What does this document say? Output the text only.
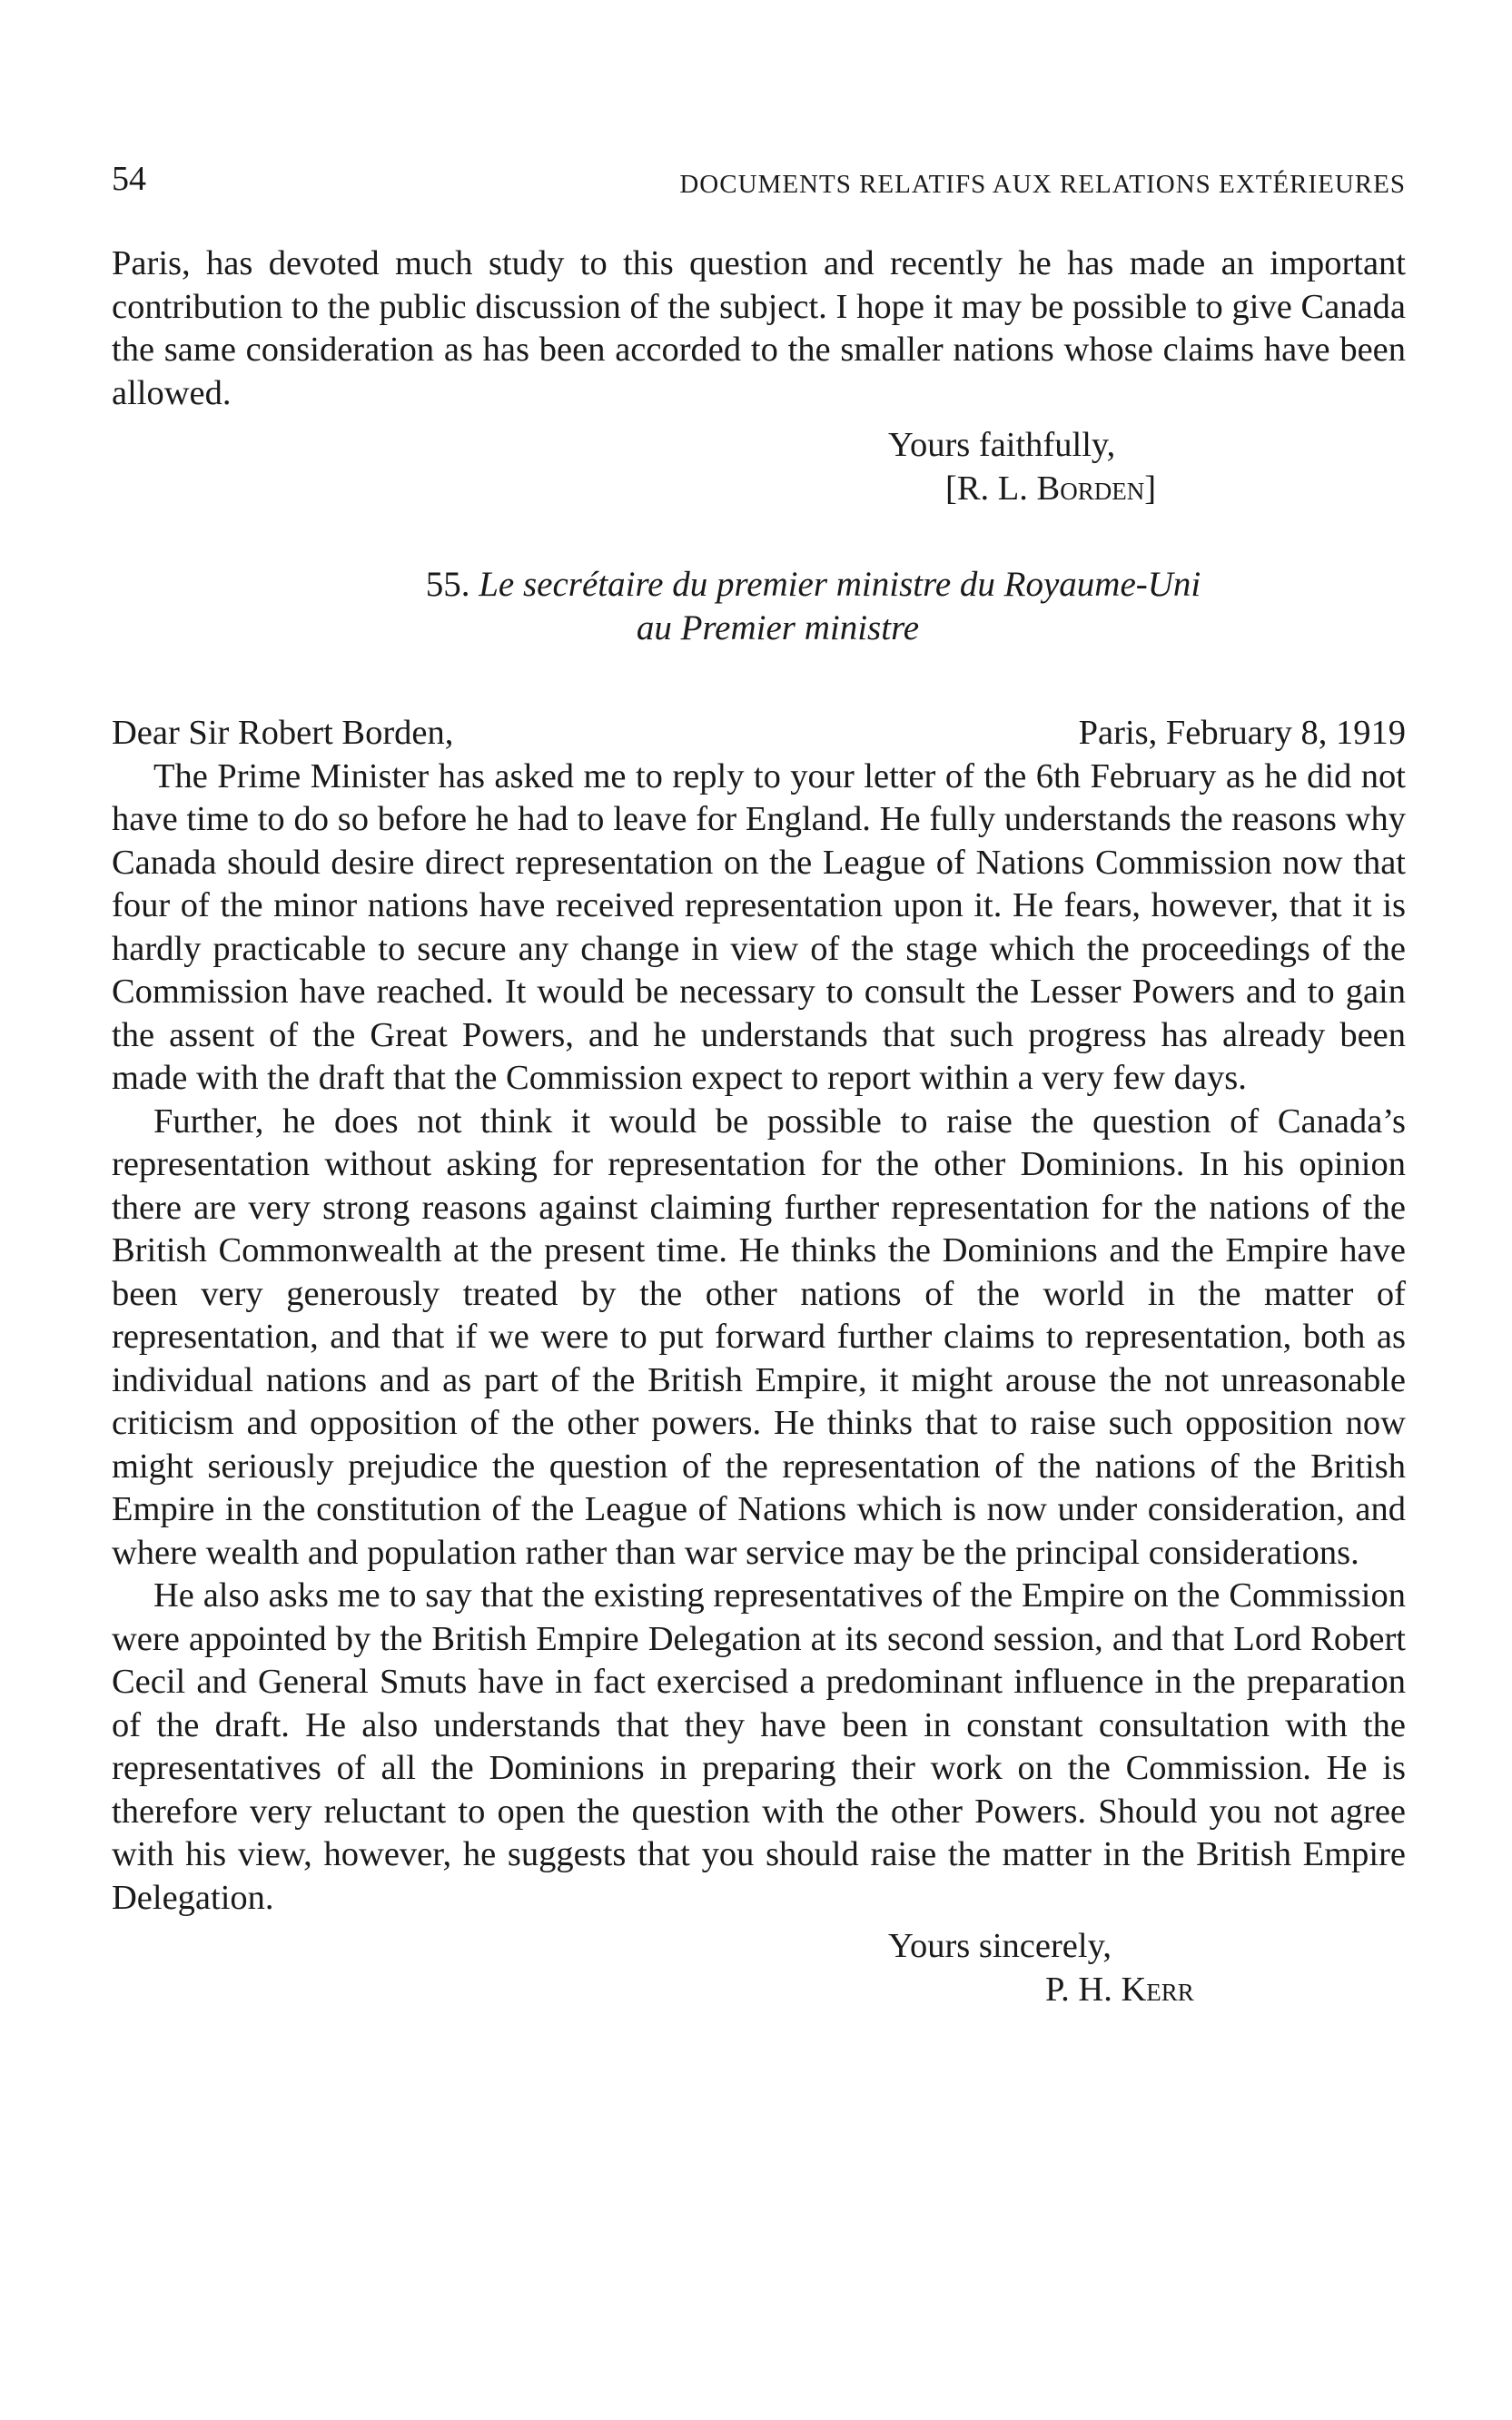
54	DOCUMENTS RELATIFS AUX RELATIONS EXTÉRIEURES

Paris, has devoted much study to this question and recently he has made an important contribution to the public discussion of the subject. I hope it may be possible to give Canada the same consideration as has been accorded to the smaller nations whose claims have been allowed.

Yours faithfully,
[R. L. Borden]
55. Le secrétaire du premier ministre du Royaume-Uni
au Premier ministre
Dear Sir Robert Borden,	Paris, February 8, 1919

The Prime Minister has asked me to reply to your letter of the 6th February as he did not have time to do so before he had to leave for England. He fully understands the reasons why Canada should desire direct representation on the League of Nations Commission now that four of the minor nations have received representation upon it. He fears, however, that it is hardly practicable to secure any change in view of the stage which the proceedings of the Commission have reached. It would be necessary to consult the Lesser Powers and to gain the assent of the Great Powers, and he understands that such progress has already been made with the draft that the Commission expect to report within a very few days.

Further, he does not think it would be possible to raise the question of Canada’s representation without asking for representation for the other Dominions. In his opinion there are very strong reasons against claiming further representation for the nations of the British Commonwealth at the present time. He thinks the Dominions and the Empire have been very generously treated by the other nations of the world in the matter of representation, and that if we were to put forward further claims to representation, both as individual nations and as part of the British Empire, it might arouse the not unreasonable criticism and opposition of the other powers. He thinks that to raise such opposition now might seriously prejudice the question of the representation of the nations of the British Empire in the constitution of the League of Nations which is now under consideration, and where wealth and population rather than war service may be the principal considerations.

He also asks me to say that the existing representatives of the Empire on the Commission were appointed by the British Empire Delegation at its second session, and that Lord Robert Cecil and General Smuts have in fact exercised a predominant influence in the preparation of the draft. He also understands that they have been in constant consultation with the representatives of all the Dominions in preparing their work on the Commission. He is therefore very reluctant to open the question with the other Powers. Should you not agree with his view, however, he suggests that you should raise the matter in the British Empire Delegation.

Yours sincerely,
P. H. Kerr
